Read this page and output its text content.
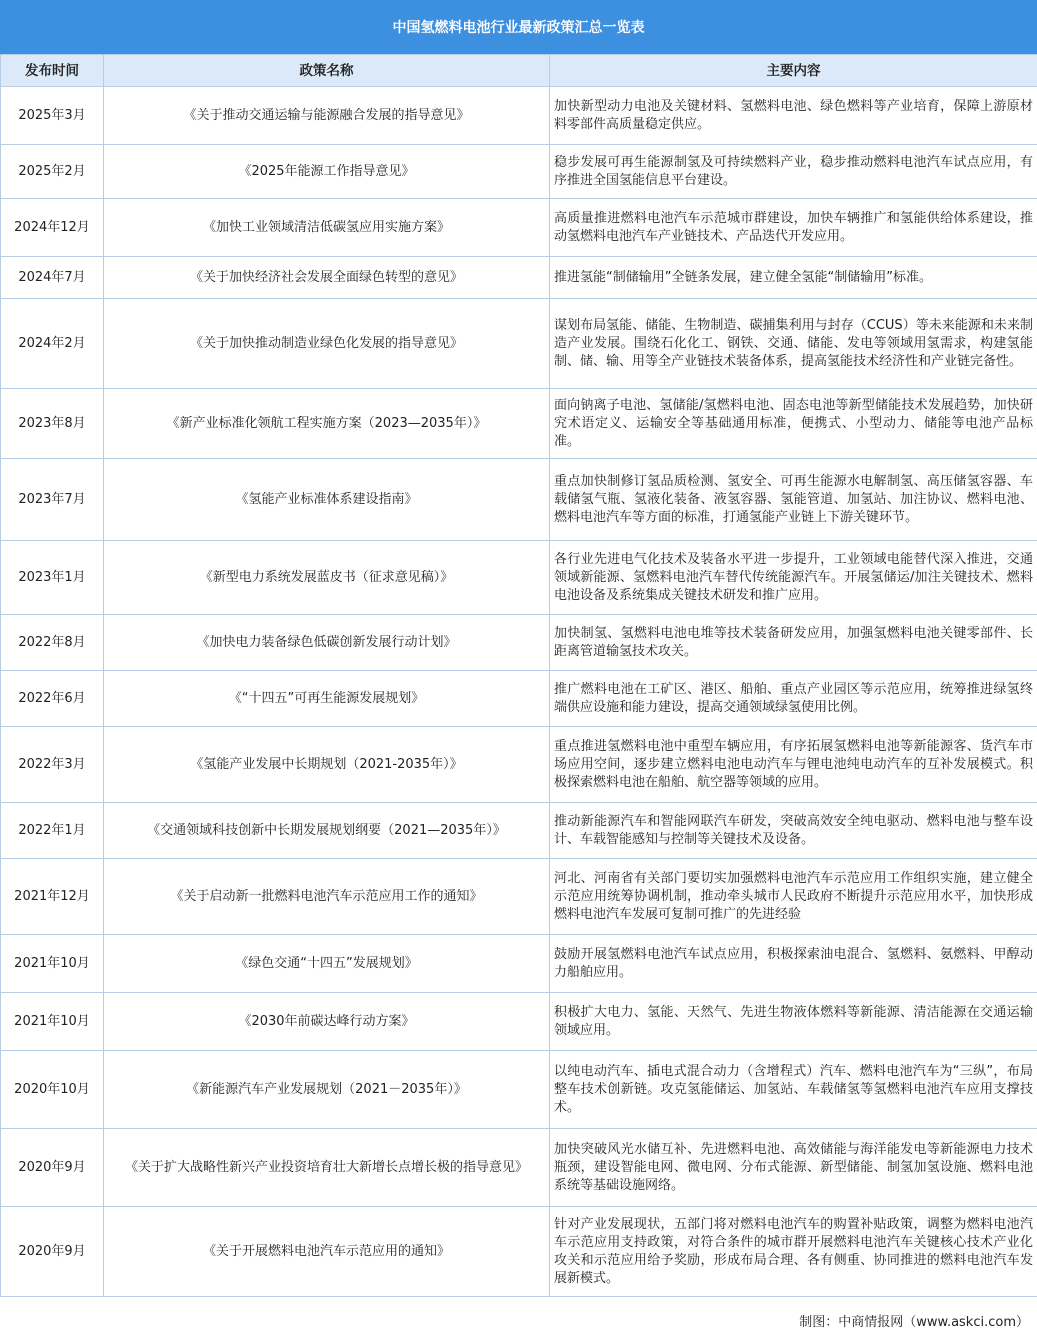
中国氢燃料电池行业最新政策汇总一览表
发布时间	政策名称	主要内容
2025年3月	《关于推动交通运输与能源融合发展的指导意见》	加快新型动力电池及关键材料、氢燃料电池、绿色燃料等产业培育，保障上游原材料零部件高质量稳定供应。
2025年2月	《2025年能源工作指导意见》	稳步发展可再生能源制氢及可持续燃料产业，稳步推动燃料电池汽车试点应用，有序推进全国氢能信息平台建设。
2024年12月	《加快工业领域清洁低碳氢应用实施方案》	高质量推进燃料电池汽车示范城市群建设，加快车辆推广和氢能供给体系建设，推动氢燃料电池汽车产业链技术、产品迭代开发应用。
2024年7月	《关于加快经济社会发展全面绿色转型的意见》	推进氢能“制储输用”全链条发展，建立健全氢能“制储输用”标准。
2024年2月	《关于加快推动制造业绿色化发展的指导意见》	谋划布局氢能、储能、生物制造、碳捕集利用与封存（CCUS）等未来能源和未来制造产业发展。围绕石化化工、钢铁、交通、储能、发电等领域用氢需求，构建氢能制、储、输、用等全产业链技术装备体系，提高氢能技术经济性和产业链完备性。
2023年8月	《新产业标准化领航工程实施方案（2023—2035年）》	面向钠离子电池、氢储能/氢燃料电池、固态电池等新型储能技术发展趋势，加快研究术语定义、运输安全等基础通用标准，便携式、小型动力、储能等电池产品标准。
2023年7月	《氢能产业标准体系建设指南》	重点加快制修订氢品质检测、氢安全、可再生能源水电解制氢、高压储氢容器、车载储氢气瓶、氢液化装备、液氢容器、氢能管道、加氢站、加注协议、燃料电池、燃料电池汽车等方面的标准，打通氢能产业链上下游关键环节。
2023年1月	《新型电力系统发展蓝皮书（征求意见稿）》	各行业先进电气化技术及装备水平进一步提升，工业领域电能替代深入推进，交通领域新能源、氢燃料电池汽车替代传统能源汽车。开展氢储运/加注关键技术、燃料电池设备及系统集成关键技术研发和推广应用。
2022年8月	《加快电力装备绿色低碳创新发展行动计划》	加快制氢、氢燃料电池电堆等技术装备研发应用，加强氢燃料电池关键零部件、长距离管道输氢技术攻关。
2022年6月	《“十四五”可再生能源发展规划》	推广燃料电池在工矿区、港区、船舶、重点产业园区等示范应用，统筹推进绿氢终端供应设施和能力建设，提高交通领域绿氢使用比例。
2022年3月	《氢能产业发展中长期规划（2021-2035年）》	重点推进氢燃料电池中重型车辆应用，有序拓展氢燃料电池等新能源客、货汽车市场应用空间，逐步建立燃料电池电动汽车与锂电池纯电动汽车的互补发展模式。积极探索燃料电池在船舶、航空器等领域的应用。
2022年1月	《交通领域科技创新中长期发展规划纲要（2021—2035年）》	推动新能源汽车和智能网联汽车研发，突破高效安全纯电驱动、燃料电池与整车设计、车载智能感知与控制等关键技术及设备。
2021年12月	《关于启动新一批燃料电池汽车示范应用工作的通知》	河北、河南省有关部门要切实加强燃料电池汽车示范应用工作组织实施，建立健全示范应用统筹协调机制，推动牵头城市人民政府不断提升示范应用水平，加快形成燃料电池汽车发展可复制可推广的先进经验
2021年10月	《绿色交通“十四五”发展规划》	鼓励开展氢燃料电池汽车试点应用，积极探索油电混合、氢燃料、氨燃料、甲醇动力船舶应用。
2021年10月	《2030年前碳达峰行动方案》	积极扩大电力、氢能、天然气、先进生物液体燃料等新能源、清洁能源在交通运输领域应用。
2020年10月	《新能源汽车产业发展规划（2021－2035年）》	以纯电动汽车、插电式混合动力（含增程式）汽车、燃料电池汽车为“三纵”，布局整车技术创新链。攻克氢能储运、加氢站、车载储氢等氢燃料电池汽车应用支撑技术。
2020年9月	《关于扩大战略性新兴产业投资培育壮大新增长点增长极的指导意见》	加快突破风光水储互补、先进燃料电池、高效储能与海洋能发电等新能源电力技术瓶颈，建设智能电网、微电网、分布式能源、新型储能、制氢加氢设施、燃料电池系统等基础设施网络。
2020年9月	《关于开展燃料电池汽车示范应用的通知》	针对产业发展现状，五部门将对燃料电池汽车的购置补贴政策，调整为燃料电池汽车示范应用支持政策，对符合条件的城市群开展燃料电池汽车关键核心技术产业化攻关和示范应用给予奖励，形成布局合理、各有侧重、协同推进的燃料电池汽车发展新模式。
制图：中商情报网（www.askci.com）
